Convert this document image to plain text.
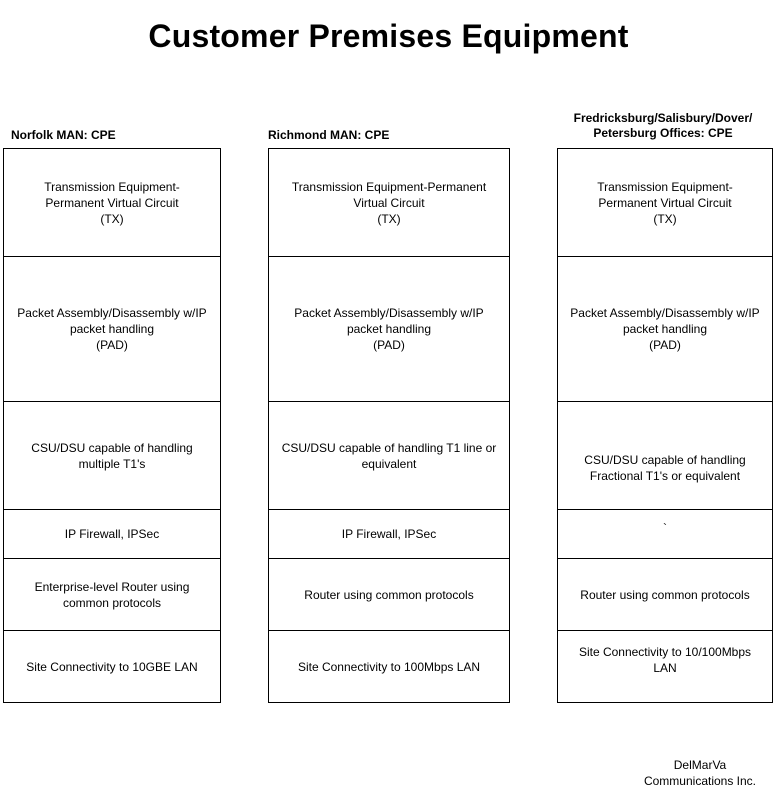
Customer Premises Equipment
Norfolk MAN: CPE
Transmission Equipment-
Permanent Virtual Circuit
(TX)
Packet Assembly/Disassembly w/IP
packet handling
(PAD)
CSU/DSU capable of handling
multiple T1's
IP Firewall, IPSec
Enterprise-level Router using
common protocols
Site Connectivity to 10GBE LAN
Richmond MAN: CPE
Transmission Equipment-Permanent
Virtual Circuit
(TX)
Packet Assembly/Disassembly w/IP
packet handling
(PAD)
CSU/DSU capable of handling T1 line or
equivalent
IP Firewall, IPSec
Router using common protocols
Site Connectivity to 100Mbps LAN
Fredricksburg/Salisbury/Dover/
Petersburg Offices: CPE
Transmission Equipment-
Permanent Virtual Circuit
(TX)
Packet Assembly/Disassembly w/IP
packet handling
(PAD)
CSU/DSU capable of handling
Fractional T1's or equivalent
`
Router using common protocols
Site Connectivity to 10/100Mbps
LAN
DelMarVa
Communications Inc.
